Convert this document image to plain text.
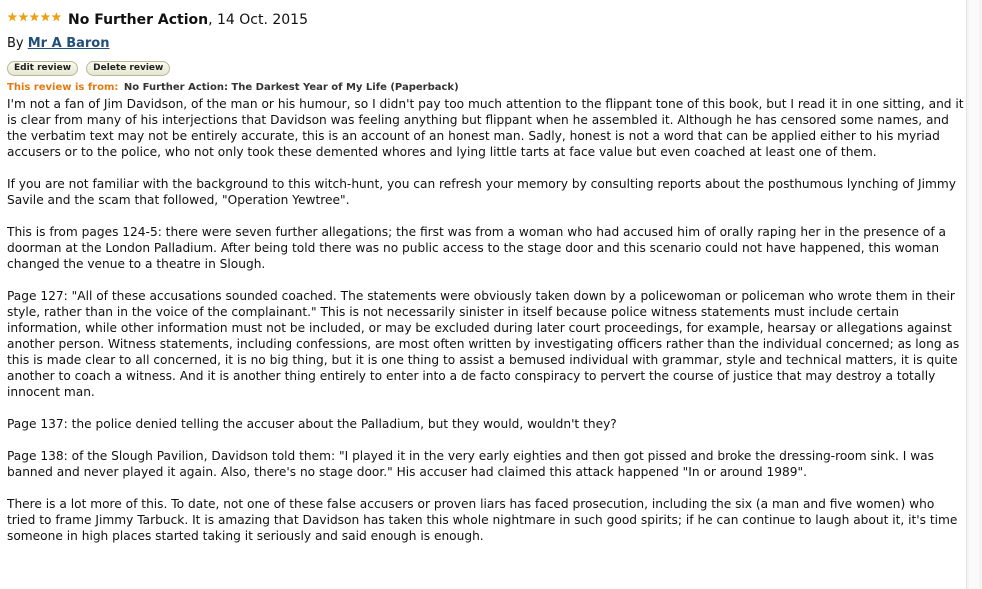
★★★★★ No Further Action, 14 Oct. 2015
By Mr A Baron
Edit review Delete review
This review is from: No Further Action: The Darkest Year of My Life (Paperback)

I'm not a fan of Jim Davidson, of the man or his humour, so I didn't pay too much attention to the flippant tone of this book, but I read it in one sitting, and it is clear from many of his interjections that Davidson was feeling anything but flippant when he assembled it. Although he has censored some names, and the verbatim text may not be entirely accurate, this is an account of an honest man. Sadly, honest is not a word that can be applied either to his myriad accusers or to the police, who not only took these demented whores and lying little tarts at face value but even coached at least one of them.

If you are not familiar with the background to this witch-hunt, you can refresh your memory by consulting reports about the posthumous lynching of Jimmy Savile and the scam that followed, "Operation Yewtree".

This is from pages 124-5: there were seven further allegations; the first was from a woman who had accused him of orally raping her in the presence of a doorman at the London Palladium. After being told there was no public access to the stage door and this scenario could not have happened, this woman changed the venue to a theatre in Slough.

Page 127: "All of these accusations sounded coached. The statements were obviously taken down by a policewoman or policeman who wrote them in their style, rather than in the voice of the complainant." This is not necessarily sinister in itself because police witness statements must include certain information, while other information must not be included, or may be excluded during later court proceedings, for example, hearsay or allegations against another person. Witness statements, including confessions, are most often written by investigating officers rather than the individual concerned; as long as this is made clear to all concerned, it is no big thing, but it is one thing to assist a bemused individual with grammar, style and technical matters, it is quite another to coach a witness. And it is another thing entirely to enter into a de facto conspiracy to pervert the course of justice that may destroy a totally innocent man.

Page 137: the police denied telling the accuser about the Palladium, but they would, wouldn't they?

Page 138: of the Slough Pavilion, Davidson told them: "I played it in the very early eighties and then got pissed and broke the dressing-room sink. I was banned and never played it again. Also, there's no stage door." His accuser had claimed this attack happened "In or around 1989".

There is a lot more of this. To date, not one of these false accusers or proven liars has faced prosecution, including the six (a man and five women) who tried to frame Jimmy Tarbuck. It is amazing that Davidson has taken this whole nightmare in such good spirits; if he can continue to laugh about it, it's time someone in high places started taking it seriously and said enough is enough.
